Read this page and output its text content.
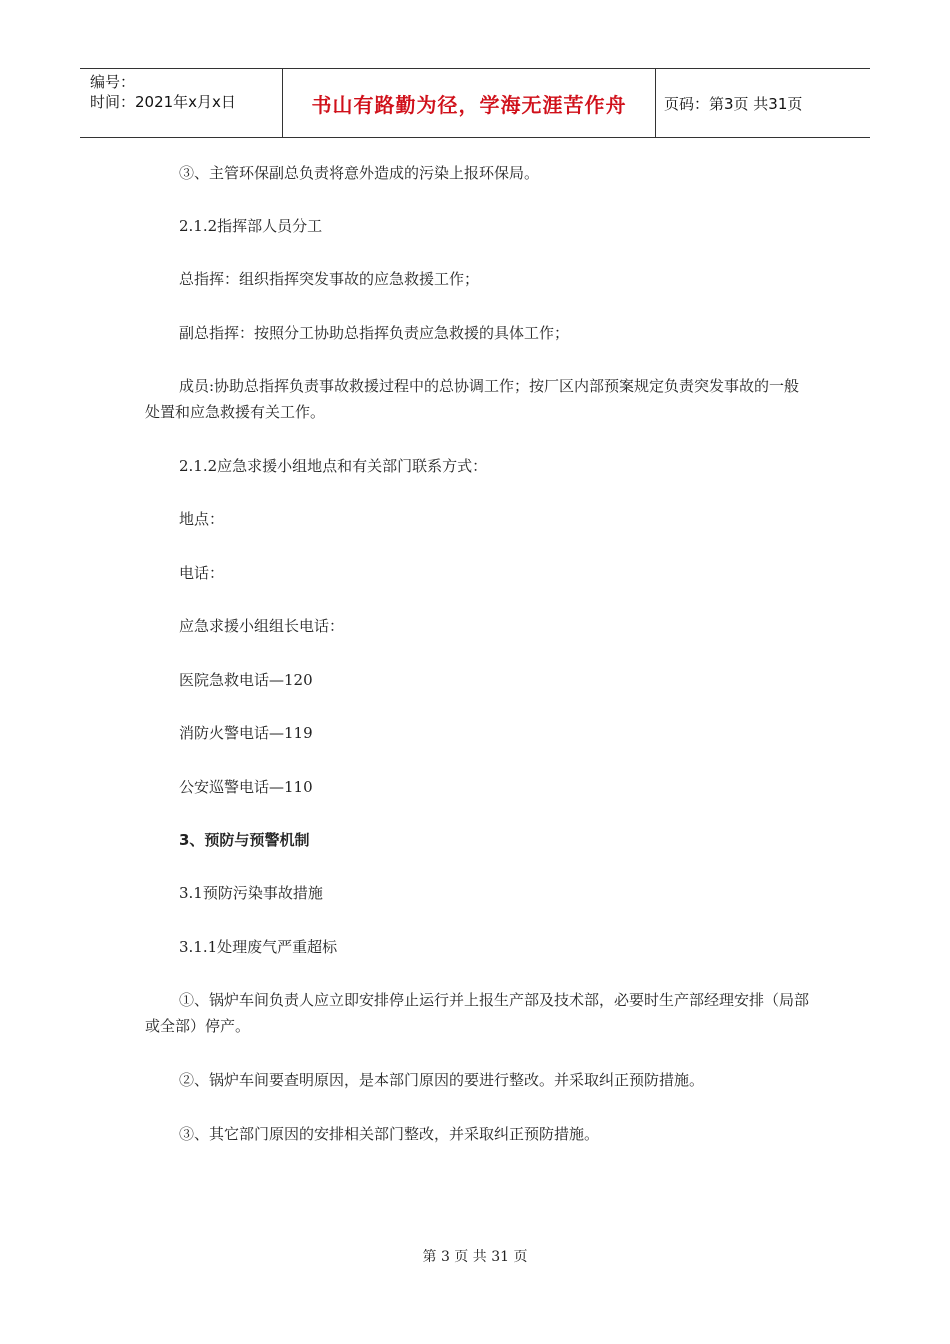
编号：
时间：2021年x月x日	书山有路勤为径，学海无涯苦作舟	页码：第3页 共31页
③、主管环保副总负责将意外造成的污染上报环保局。
2.1.2指挥部人员分工
总指挥：组织指挥突发事故的应急救援工作；
副总指挥：按照分工协助总指挥负责应急救援的具体工作；
成员:协助总指挥负责事故救援过程中的总协调工作；按厂区内部预案规定负责突发事故的一般处置和应急救援有关工作。
2.1.2应急求援小组地点和有关部门联系方式：
地点：
电话：
应急求援小组组长电话：
医院急救电话—120
消防火警电话—119
公安巡警电话—110
3、预防与预警机制
3.1预防污染事故措施
3.1.1处理废气严重超标
①、锅炉车间负责人应立即安排停止运行并上报生产部及技术部，必要时生产部经理安排（局部或全部）停产。
②、锅炉车间要查明原因，是本部门原因的要进行整改。并采取纠正预防措施。
③、其它部门原因的安排相关部门整改，并采取纠正预防措施。
第 3 页 共 31 页
